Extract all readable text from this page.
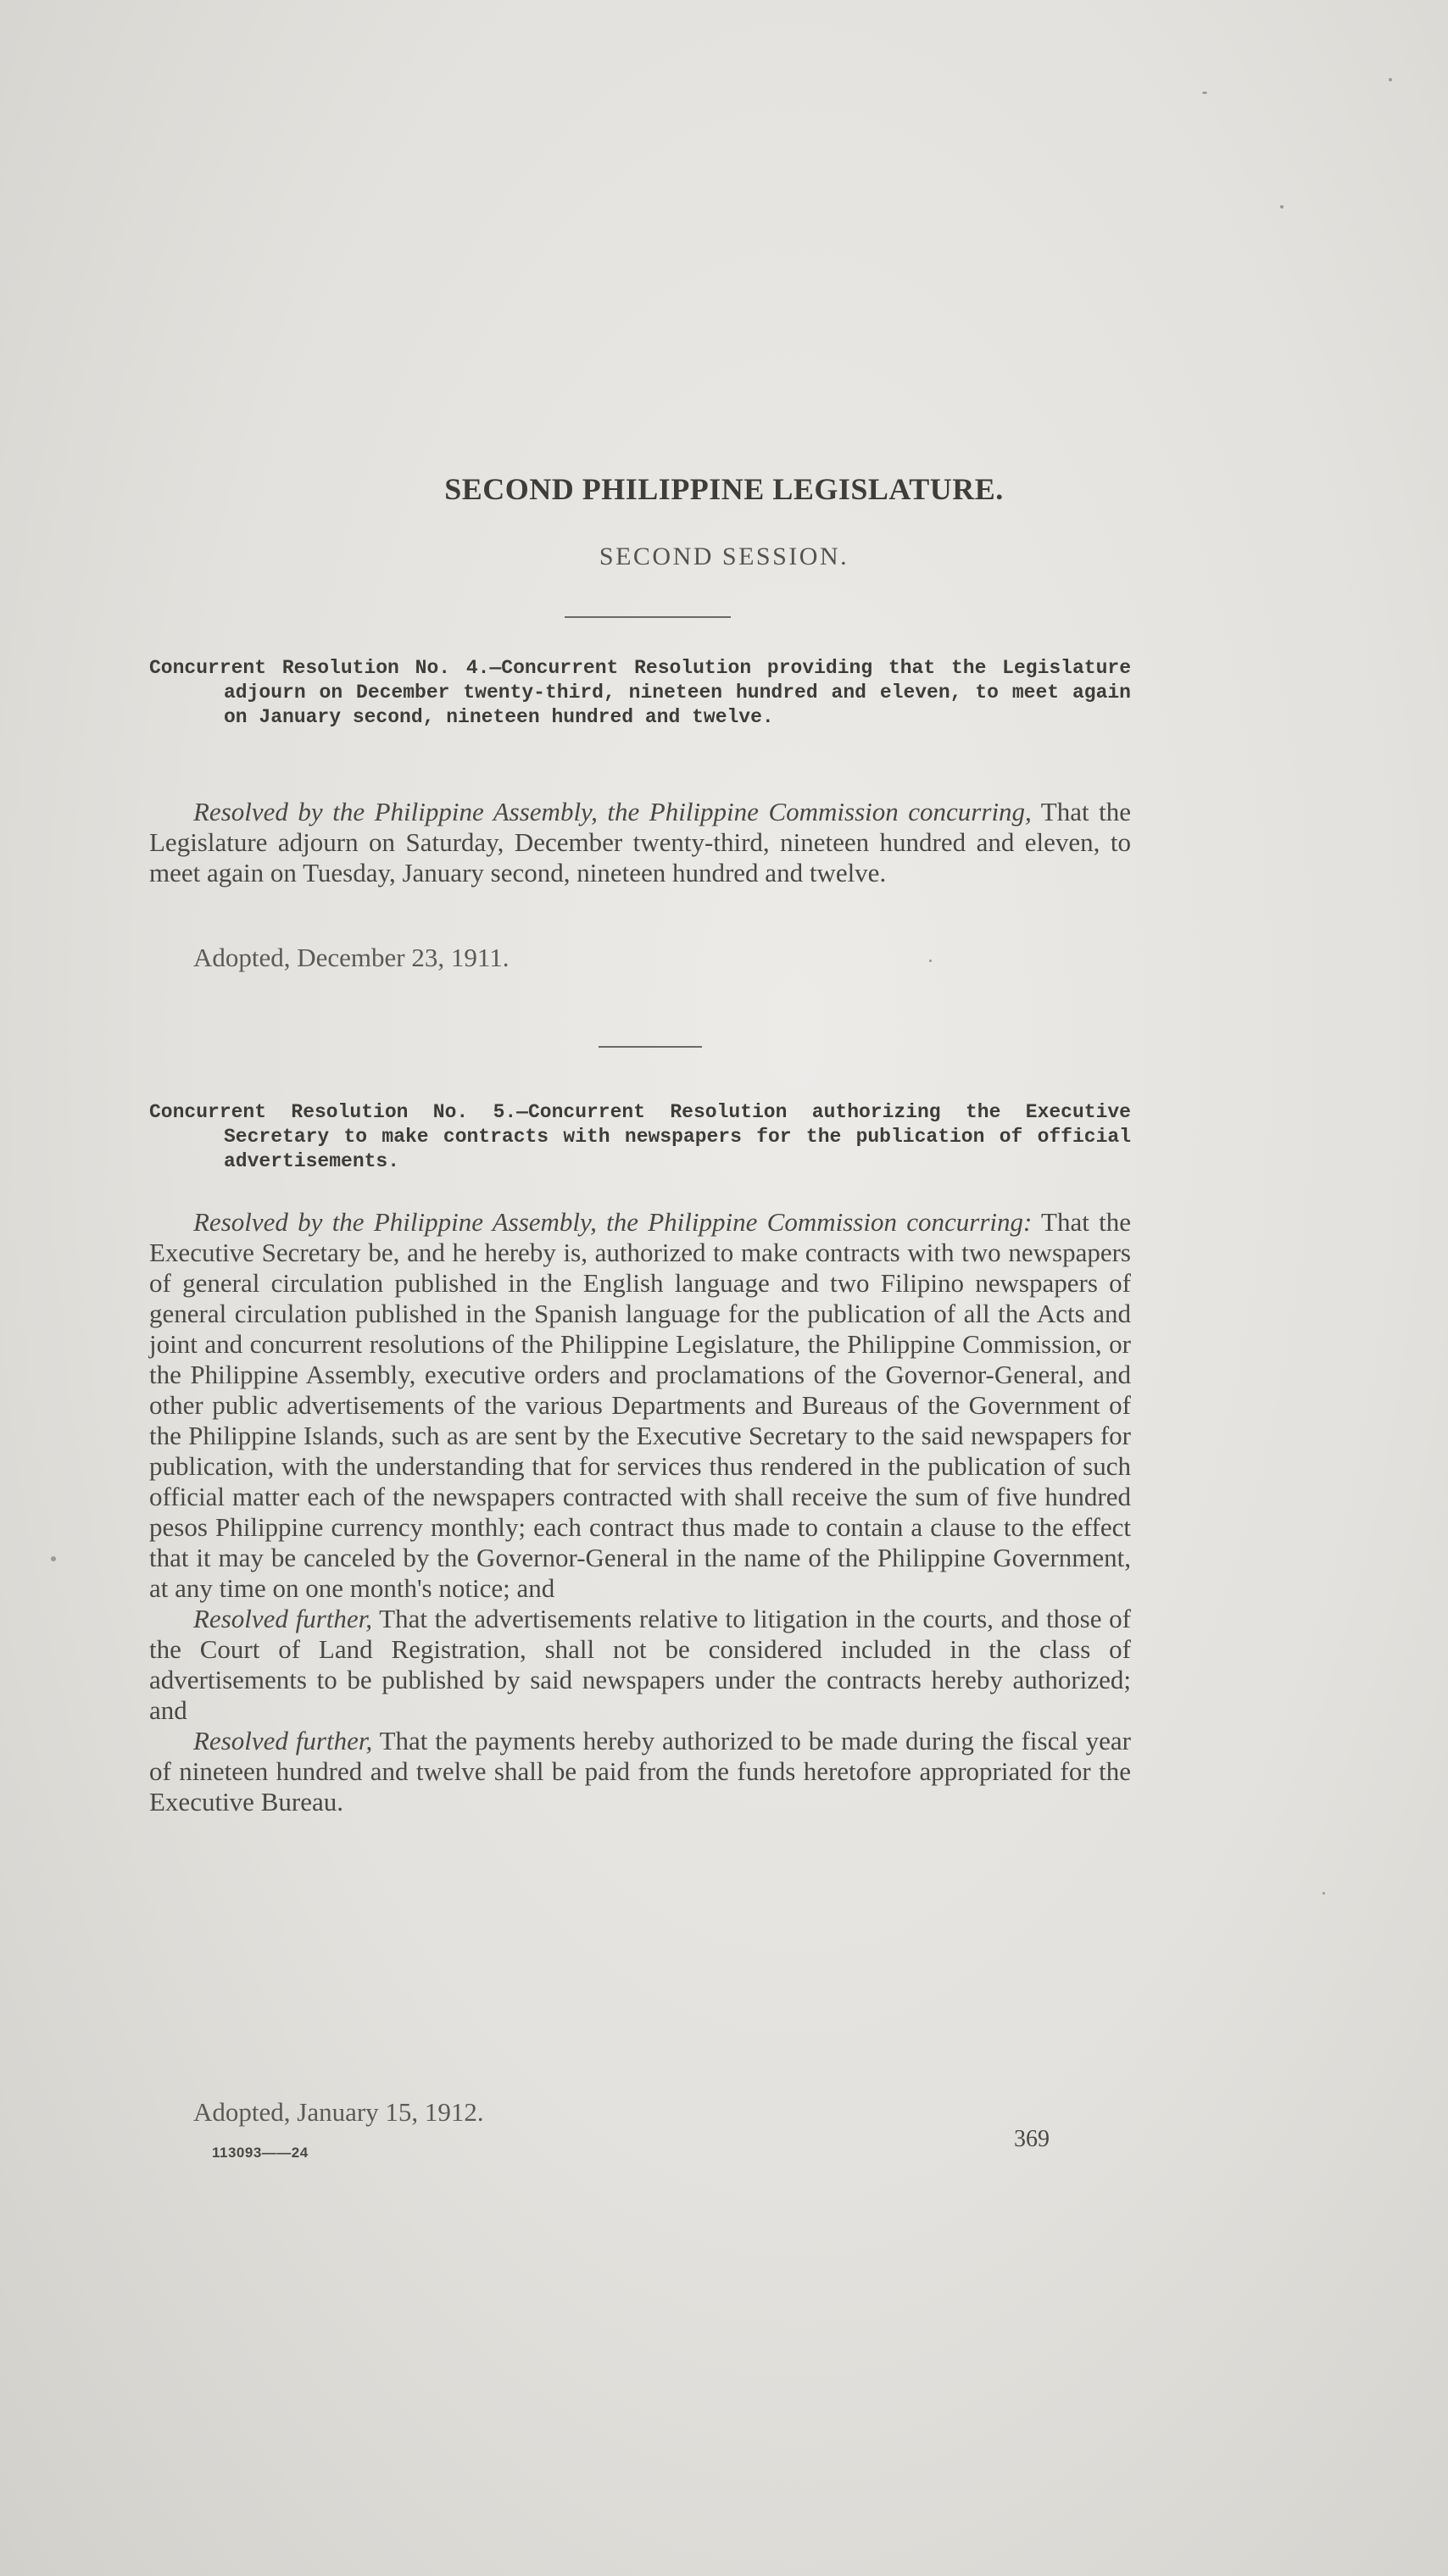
SECOND PHILIPPINE LEGISLATURE.
SECOND SESSION.
Concurrent Resolution No. 4.—Concurrent Resolution providing that the Legislature adjourn on December twenty-third, nineteen hundred and eleven, to meet again on January second, nineteen hundred and twelve.

Resolved by the Philippine Assembly, the Philippine Commission concurring, That the Legislature adjourn on Saturday, December twenty-third, nineteen hundred and eleven, to meet again on Tuesday, January second, nineteen hundred and twelve.

Adopted, December 23, 1911.
Concurrent Resolution No. 5.—Concurrent Resolution authorizing the Executive Secretary to make contracts with newspapers for the publication of official advertisements.

Resolved by the Philippine Assembly, the Philippine Commission concurring: That the Executive Secretary be, and he hereby is, authorized to make contracts with two newspapers of general circulation published in the English language and two Filipino newspapers of general circulation published in the Spanish language for the publication of all the Acts and joint and concurrent resolutions of the Philippine Legislature, the Philippine Commission, or the Philippine Assembly, executive orders and proclamations of the Governor-General, and other public advertisements of the various Departments and Bureaus of the Government of the Philippine Islands, such as are sent by the Executive Secretary to the said newspapers for publication, with the understanding that for services thus rendered in the publication of such official matter each of the newspapers contracted with shall receive the sum of five hundred pesos Philippine currency monthly; each contract thus made to contain a clause to the effect that it may be canceled by the Governor-General in the name of the Philippine Government, at any time on one month's notice; and

Resolved further, That the advertisements relative to litigation in the courts, and those of the Court of Land Registration, shall not be considered included in the class of advertisements to be published by said newspapers under the contracts hereby authorized; and

Resolved further, That the payments hereby authorized to be made during the fiscal year of nineteen hundred and twelve shall be paid from the funds heretofore appropriated for the Executive Bureau.

Adopted, January 15, 1912.
113093——24
369
